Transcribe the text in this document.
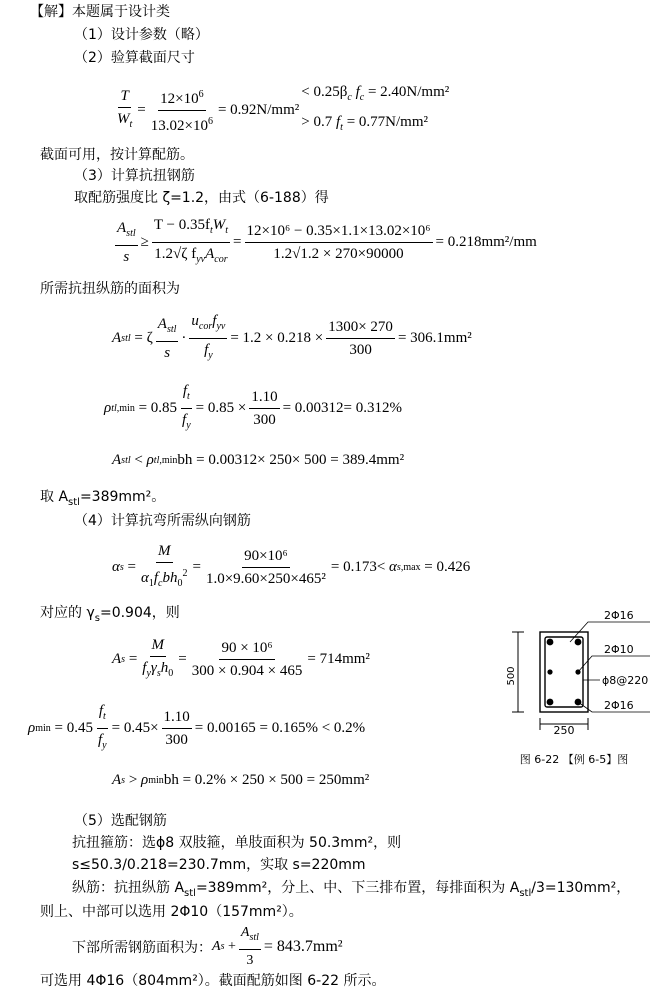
【解】本题属于设计类
（1）设计参数（略）
（2）验算截面尺寸
$\frac{T}{W_t} = \frac{12\times 10^6}{13.02\times 10^6} = 0.92N/mm^2$
< $0.25\beta_c$ $f_c = 2.40N/mm^2$
> 0.7 $f_t = 0.77N/mm^2$
截面可用，按计算配筋。
（3）计算抗扭钢筋
取配筋强度比 ζ=1.2，由式（6-188）得
$\frac{A_{stl}}{s} \ge \frac{T - 0.35f_tW_t}{1.2√\zeta f_{yv}A_{cor}} = \frac{\text{12×10⁶ − 0.35×1.1×13.02×10⁶}}{1.2√1.2 \times 270\times 90000} = 0.218mm^2/mm$
所需抗扭纵筋的面积为
A stl = ζ $\frac{A_{stl}}{s} \cdot \frac{u_{cor}f_{yv}}{f_y} = 1.2 \times 0.218 \times \frac{1300\times 270}{300} = 306.1mm^2$
ρ tl $,\min = 0.85 \frac{f_t}{f_y} = 0.85 \times \frac{1.10}{300} = 0.00312= 0.312\%$
A stl < ρ tl ,min bh = 0.00312× 250× 500 = 389.4mm²
取 $A_{stl}=389mm^2$。
（4）计算抗弯所需纵向钢筋
α $s = \frac{M}{\alpha_1f_cbh_0^2} = \frac{\text{90×10⁶}}{\text{1.0×9.60×250×465²}} = 0.173<$
α s ,max
= 0.426
对应的 $\gamma_s=0.904$，则
A $s = \frac{M}{f_y\gamma_sh_0} = \frac{\text{90 × 10⁶}}{300 \times 0.904 \times 465} = 714mm^2$
ρ min
= $0.45 \frac{f_t}{f_y} = 0.45\times \frac{1.10}{300} = 0.00165 = 0.165\% < 0.2\%$
A s > ρ min bh = 0.2% × 250 × 500 = 250mm²
（5）选配钢筋
抗扭箍筋：选ϕ8 双肢箍，单肢面积为 50.3mm²，则
s≤50.3/0.218=230.7mm，实取 s=220mm
纵筋：抗扭纵筋 $A_{stl}=389mm^2$，分上、中、下三排布置，每排面积为 $A_{stl}/3=130mm^2$，
则上、中部可以选用 2Φ10（157mm²）。
下部所需钢筋面积为： A $s + \frac{A_{stl}}{3} = 843.7mm^2$
可选用 4Φ16（804mm²）。截面配筋如图 6-22 所示。
500
2Φ16
2Φ10
ϕ8@220
2Φ16
250
图 6-22 【例 6-5】图
